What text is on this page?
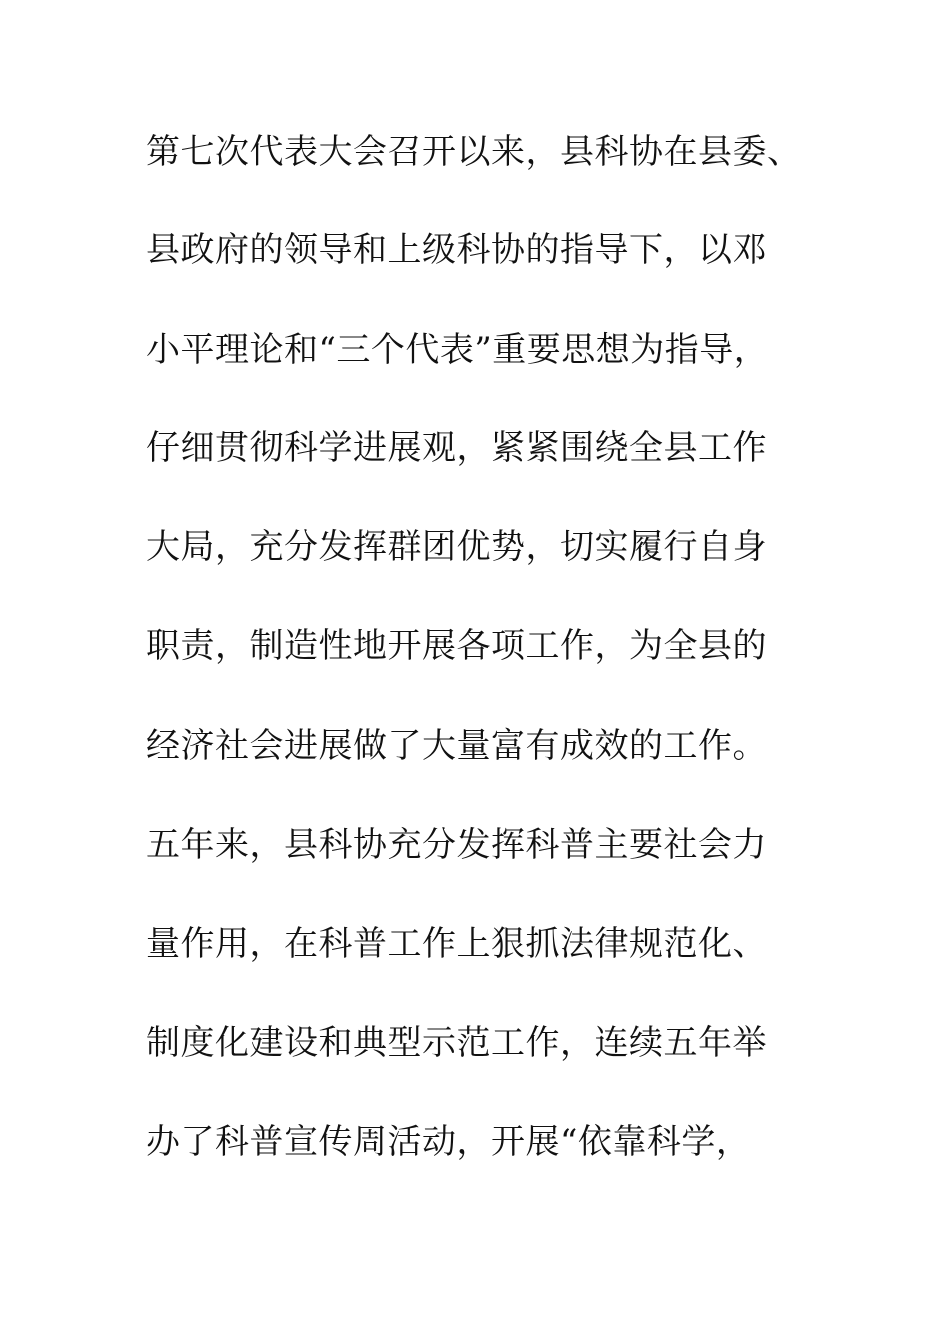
第七次代表大会召开以来，县科协在县委、
县政府的领导和上级科协的指导下，以邓
小平理论和“三个代表”重要思想为指导，
仔细贯彻科学进展观，紧紧围绕全县工作
大局，充分发挥群团优势，切实履行自身
职责，制造性地开展各项工作，为全县的
经济社会进展做了大量富有成效的工作。
五年来，县科协充分发挥科普主要社会力
量作用，在科普工作上狠抓法律规范化、
制度化建设和典型示范工作，连续五年举
办了科普宣传周活动，开展“依靠科学，
